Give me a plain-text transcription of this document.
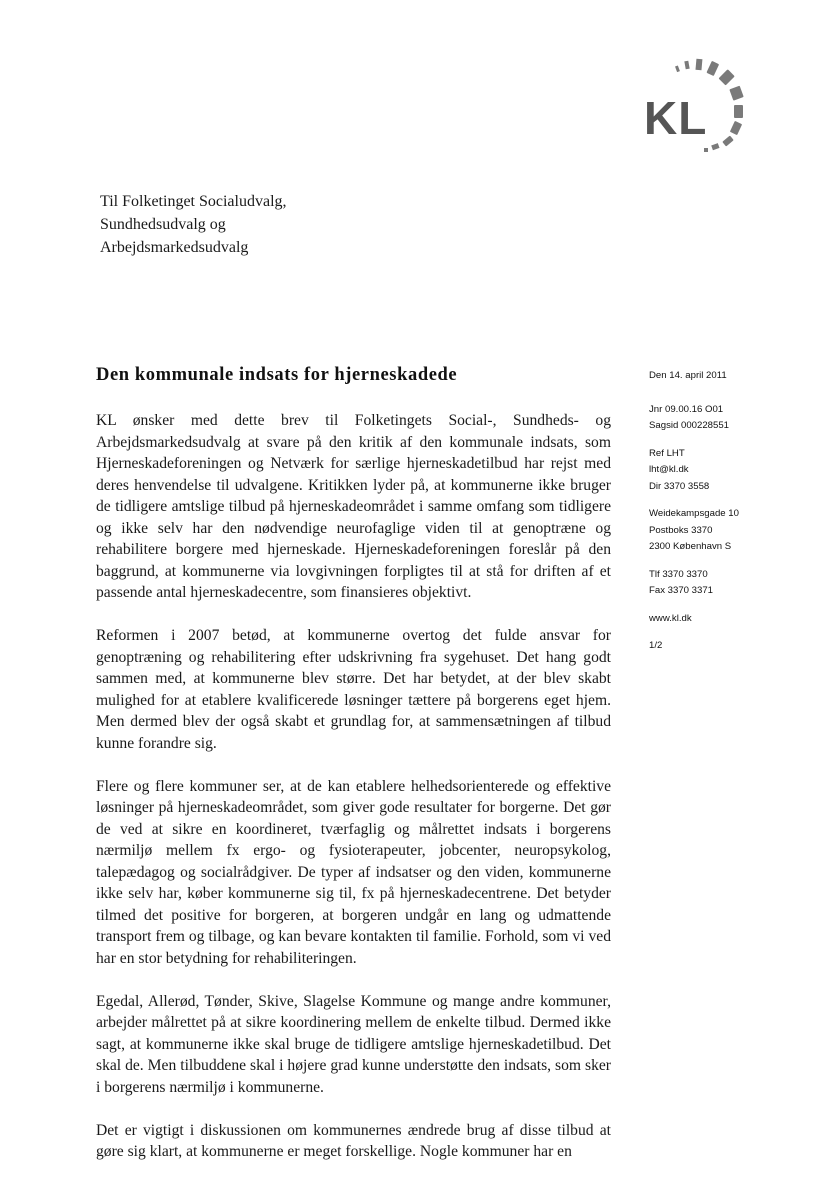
KL
Til Folketinget Socialudvalg,
Sundhedsudvalg og
Arbejdsmarkedsudvalg
Den kommunale indsats for hjerneskadede	Den 14. april 2011
Jnr 09.00.16 O01
Sagsid 000228551
Ref LHT
lht@kl.dk
Dir 3370 3558
Weidekampsgade 10
Postboks 3370
2300 København S
Tlf 3370 3370
Fax 3370 3371
www.kl.dk
1/2

KL ønsker med dette brev til Folketingets Social-, Sundheds- og Arbejdsmarkedsudvalg at svare på den kritik af den kommunale indsats, som Hjerneskadeforeningen og Netværk for særlige hjerneskadetilbud har rejst med deres henvendelse til udvalgene. Kritikken lyder på, at kommunerne ikke bruger de tidligere amtslige tilbud på hjerneskadeområdet i samme omfang som tidligere og ikke selv har den nødvendige neurofaglige viden til at genoptræne og rehabilitere borgere med hjerneskade. Hjerneskadeforeningen foreslår på den baggrund, at kommunerne via lovgivningen forpligtes til at stå for driften af et passende antal hjerneskadecentre, som finansieres objektivt.

Reformen i 2007 betød, at kommunerne overtog det fulde ansvar for genoptræning og rehabilitering efter udskrivning fra sygehuset. Det hang godt sammen med, at kommunerne blev større. Det har betydet, at der blev skabt mulighed for at etablere kvalificerede løsninger tættere på borgerens eget hjem. Men dermed blev der også skabt et grundlag for, at sammensætningen af tilbud kunne forandre sig.

Flere og flere kommuner ser, at de kan etablere helhedsorienterede og effektive løsninger på hjerneskadeområdet, som giver gode resultater for borgerne. Det gør de ved at sikre en koordineret, tværfaglig og målrettet indsats i borgerens nærmiljø mellem fx ergo- og fysioterapeuter, jobcenter, neuropsykolog, talepædagog og socialrådgiver. De typer af indsatser og den viden, kommunerne ikke selv har, køber kommunerne sig til, fx på hjerneskadecentrene. Det betyder tilmed det positive for borgeren, at borgeren undgår en lang og udmattende transport frem og tilbage, og kan bevare kontakten til familie. Forhold, som vi ved har en stor betydning for rehabiliteringen.

Egedal, Allerød, Tønder, Skive, Slagelse Kommune og mange andre kommuner, arbejder målrettet på at sikre koordinering mellem de enkelte tilbud. Dermed ikke sagt, at kommunerne ikke skal bruge de tidligere amtslige hjerneskadetilbud. Det skal de. Men tilbuddene skal i højere grad kunne understøtte den indsats, som sker i borgerens nærmiljø i kommunerne.

Det er vigtigt i diskussionen om kommunernes ændrede brug af disse tilbud at gøre sig klart, at kommunerne er meget forskellige. Nogle kommuner har en
